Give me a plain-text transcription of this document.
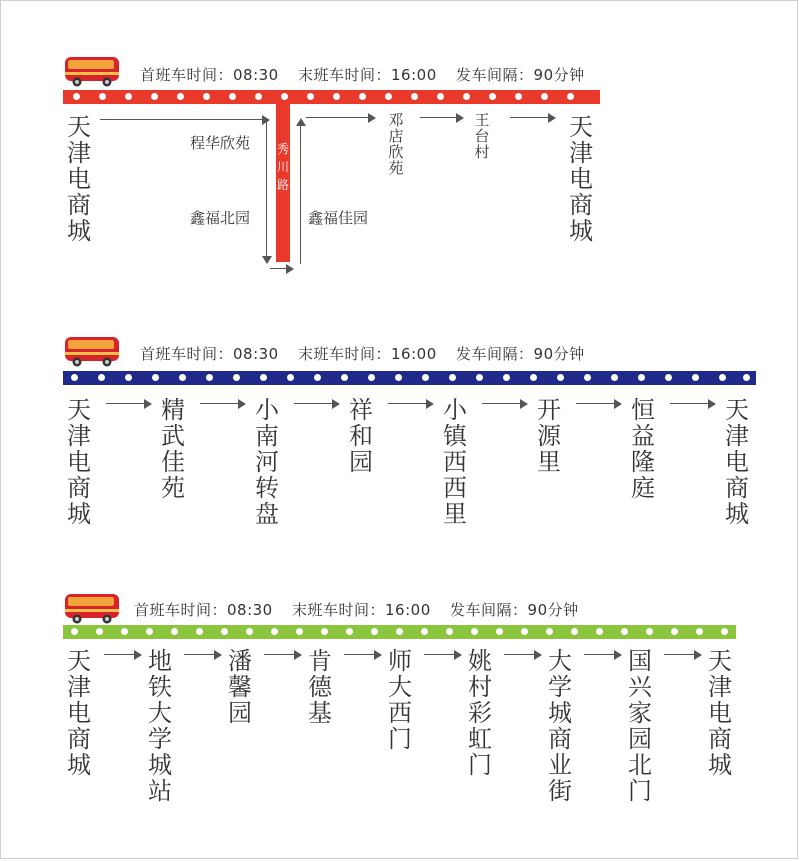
首班车时间：08:30 末班车时间：16:00 发车间隔：90分钟
秀川路
天津电商城
程华欣苑
鑫福北园	鑫福佳园
邓店欣苑
王台村
天津电商城
首班车时间：08:30 末班车时间：16:00 发车间隔：90分钟
天津电商城
精武佳苑
小南河转盘
祥和园
小镇西西里
开源里
恒益隆庭
天津电商城
首班车时间：08:30 末班车时间：16:00 发车间隔：90分钟
天津电商城
地铁大学城站
潘馨园
肯德基
师大西门
姚村彩虹门
大学城商业街
国兴家园北门
天津电商城
